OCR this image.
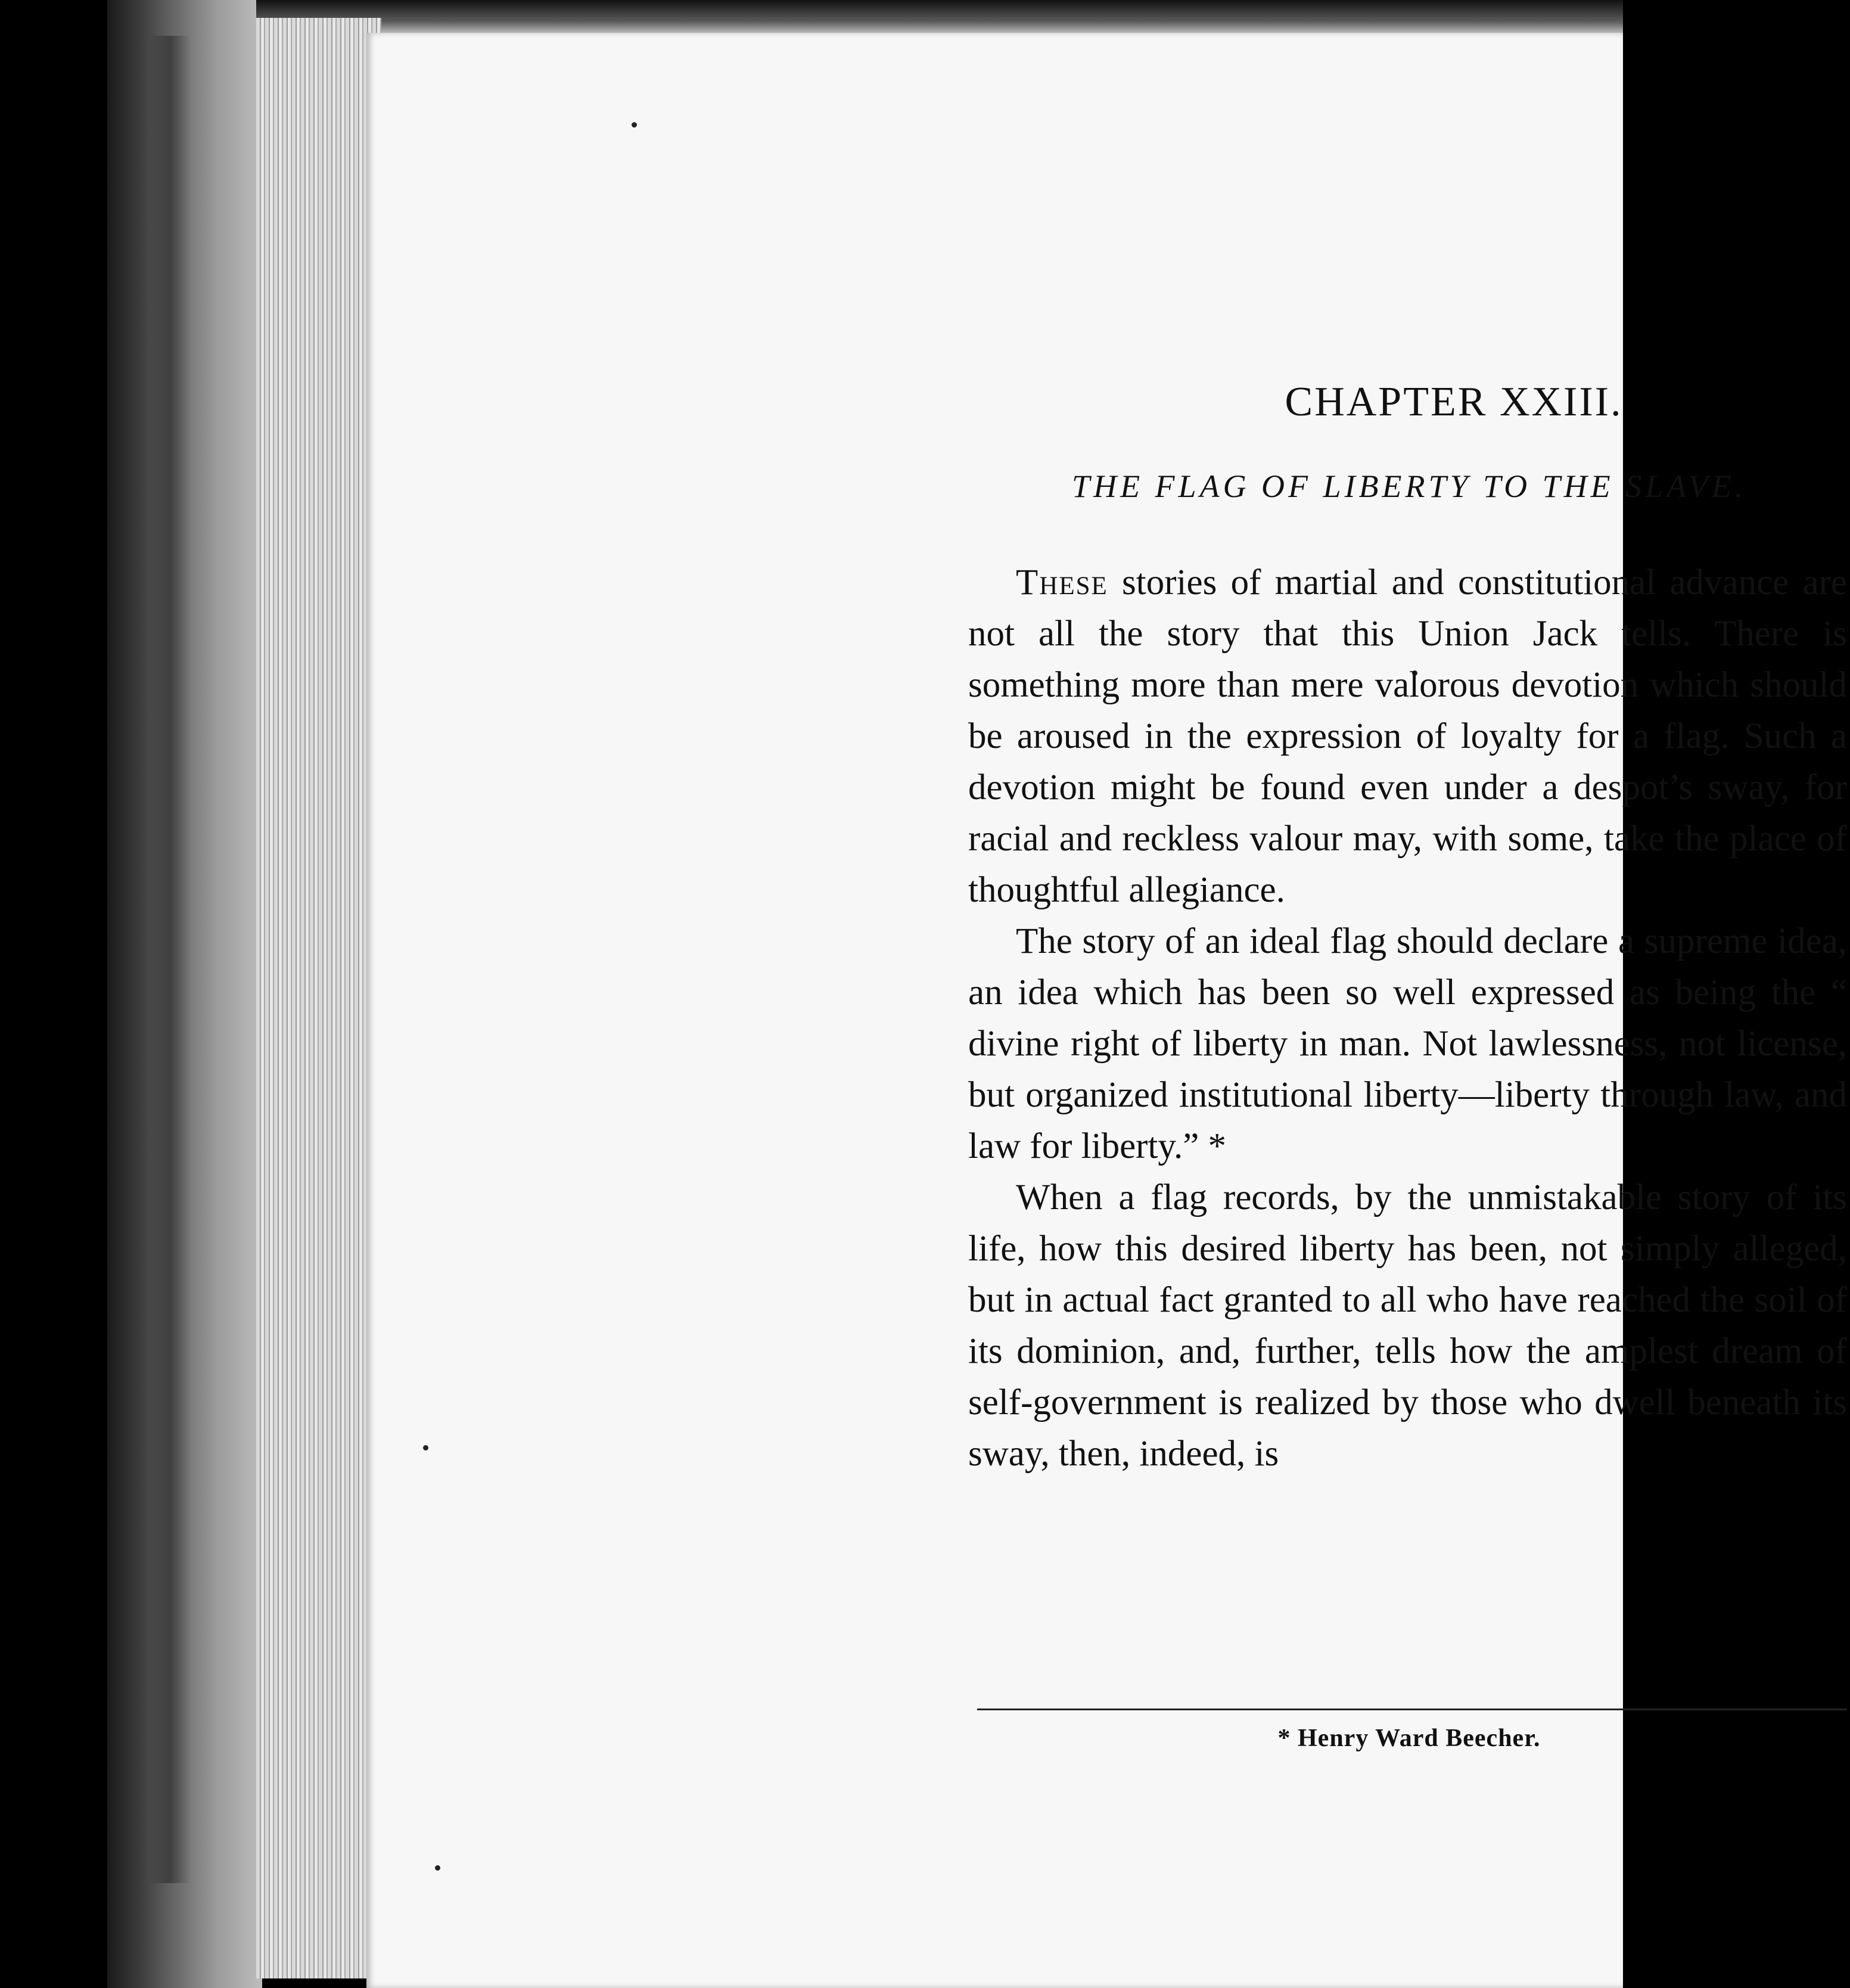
CHAPTER XXIII.
THE FLAG OF LIBERTY TO THE SLAVE.

These stories of martial and constitutional advance are not all the story that this Union Jack tells. There is something more than mere valorous devotion which should be aroused in the expression of loyalty for a flag. Such a devotion might be found even under a despot’s sway, for racial and reckless valour may, with some, take the place of thoughtful allegiance.

The story of an ideal flag should declare a supreme idea, an idea which has been so well expressed as being the “ divine right of liberty in man. Not lawlessness, not license, but organized institutional liberty—liberty through law, and law for liberty.” *

When a flag records, by the unmistakable story of its life, how this desired liberty has been, not simply alleged, but in actual fact granted to all who have reached the soil of its dominion, and, further, tells how the amplest dream of self-government is realized by those who dwell beneath its sway, then, indeed, is

* Henry Ward Beecher.
